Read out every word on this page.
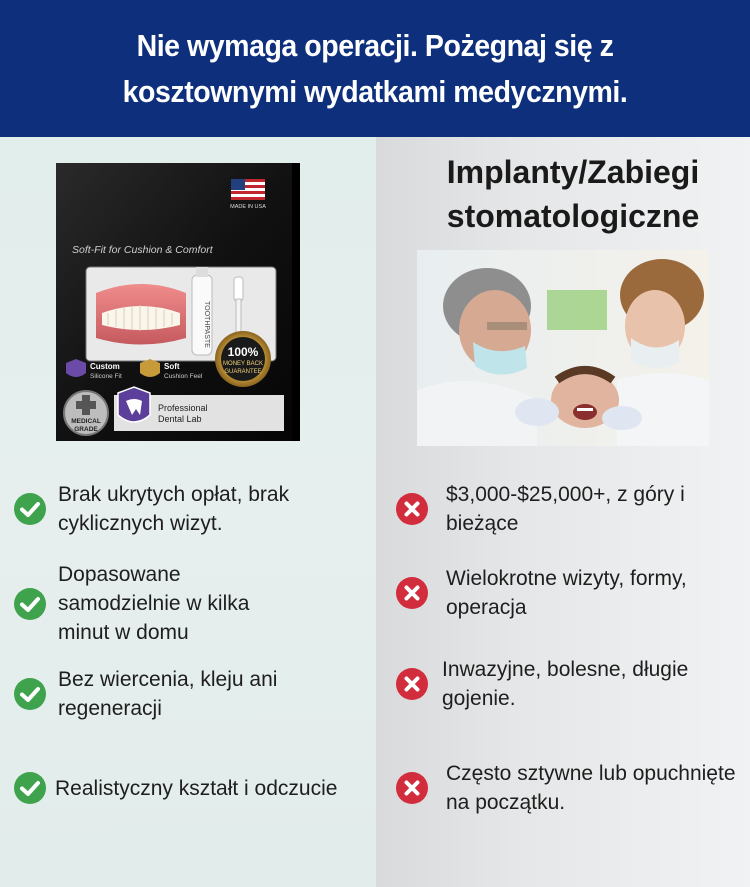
Nie wymaga operacji. Pożegnaj się z kosztownymi wydatkami medycznymi.
MADE IN USA
Soft-Fit for Cushion & Comfort
TOOTHPASTE
100%
MONEY BACK
GUARANTEE
Custom
Silicone Fit
Soft
Cushion Feel
MEDICAL
GRADE
Professional
Dental Lab
Implanty/Zabiegi stomatologiczne
Brak ukrytych opłat, brak cyklicznych wizyt.
Dopasowane samodzielnie w kilka minut w domu
Bez wiercenia, kleju ani regeneracji
Realistyczny kształt i odczucie
$3,000-$25,000+, z góry i bieżące
Wielokrotne wizyty, formy, operacja
Inwazyjne, bolesne, długie gojenie.
Często sztywne lub opuchnięte na początku.
